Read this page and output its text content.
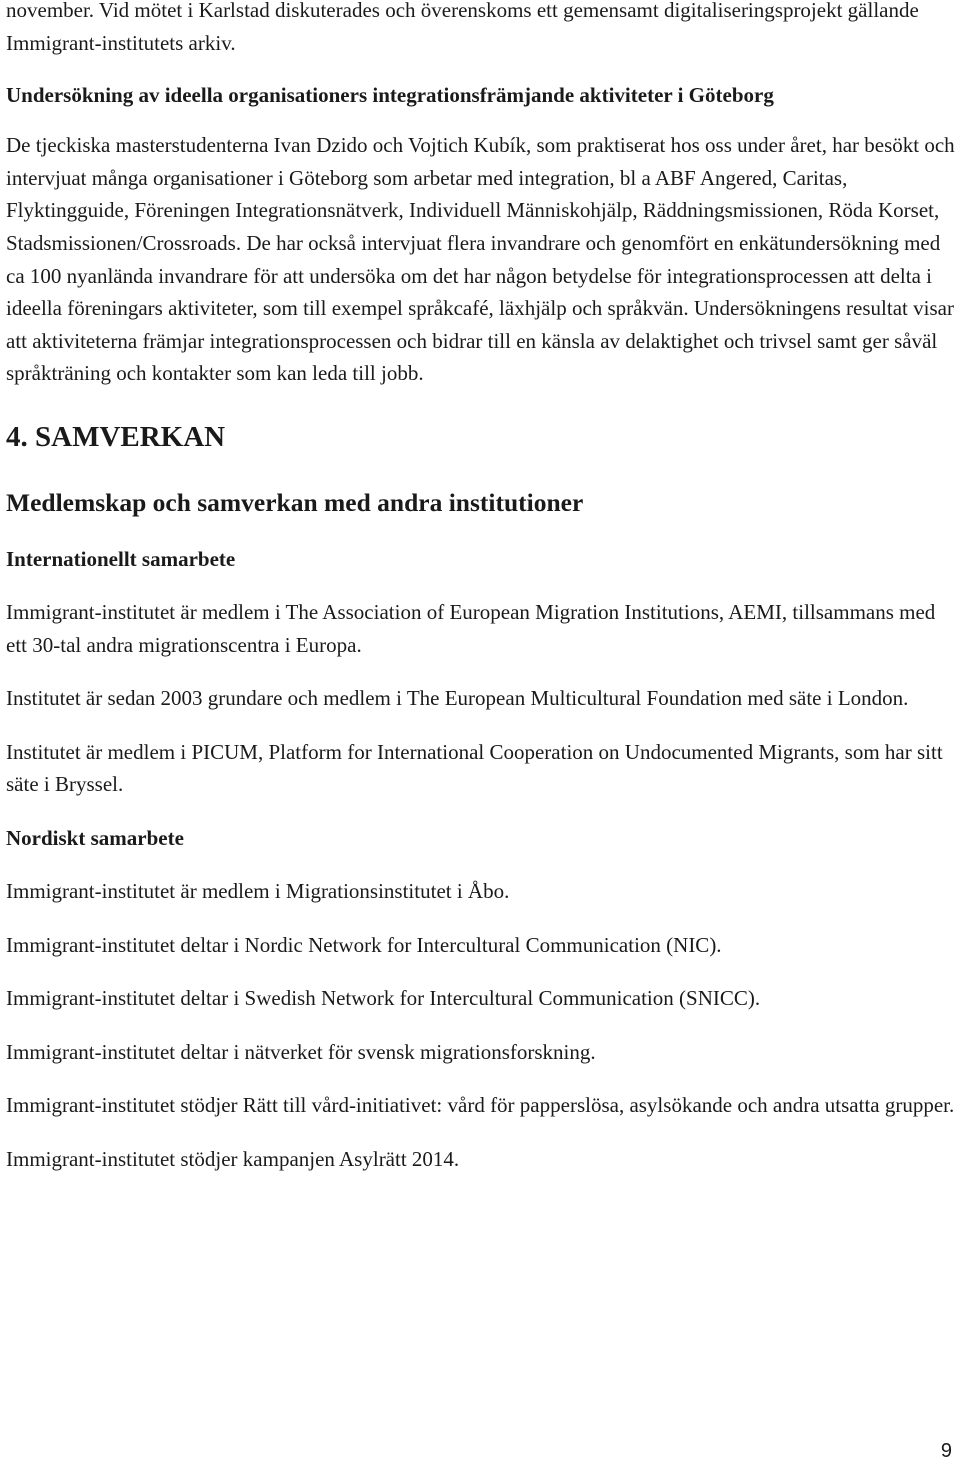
november. Vid mötet i Karlstad diskuterades och överenskoms ett gemensamt digitaliseringsprojekt gällande Immigrant-institutets arkiv.

Undersökning av ideella organisationers integrationsfrämjande aktiviteter i Göteborg

De tjeckiska masterstudenterna Ivan Dzido och Vojtich Kubík, som praktiserat hos oss under året, har besökt och intervjuat många organisationer i Göteborg som arbetar med integration, bl a ABF Angered, Caritas, Flyktingguide, Föreningen Integrationsnätverk, Individuell Människohjälp, Räddningsmissionen, Röda Korset, Stadsmissionen/Crossroads. De har också intervjuat flera invandrare och genomfört en enkätundersökning med ca 100 nyanlända invandrare för att undersöka om det har någon betydelse för integrationsprocessen att delta i ideella föreningars aktiviteter, som till exempel språkcafé, läxhjälp och språkvän. Undersökningens resultat visar att aktiviteterna främjar integrationsprocessen och bidrar till en känsla av delaktighet och trivsel samt ger såväl språkträning och kontakter som kan leda till jobb.

4. SAMVERKAN
Medlemskap och samverkan med andra institutioner
Internationellt samarbete

Immigrant-institutet är medlem i The Association of European Migration Institutions, AEMI, tillsammans med ett 30-tal andra migrationscentra i Europa.

Institutet är sedan 2003 grundare och medlem i The European Multicultural Foundation med säte i London.

Institutet är medlem i PICUM, Platform for International Cooperation on Undocumented Migrants, som har sitt säte i Bryssel.

Nordiskt samarbete

Immigrant-institutet är medlem i Migrationsinstitutet i Åbo.

Immigrant-institutet deltar i Nordic Network for Intercultural Communication (NIC).

Immigrant-institutet deltar i Swedish Network for Intercultural Communication (SNICC).

Immigrant-institutet deltar i nätverket för svensk migrationsforskning.

Immigrant-institutet stödjer Rätt till vård-initiativet: vård för papperslösa, asylsökande och andra utsatta grupper.

Immigrant-institutet stödjer kampanjen Asylrätt 2014.

9
